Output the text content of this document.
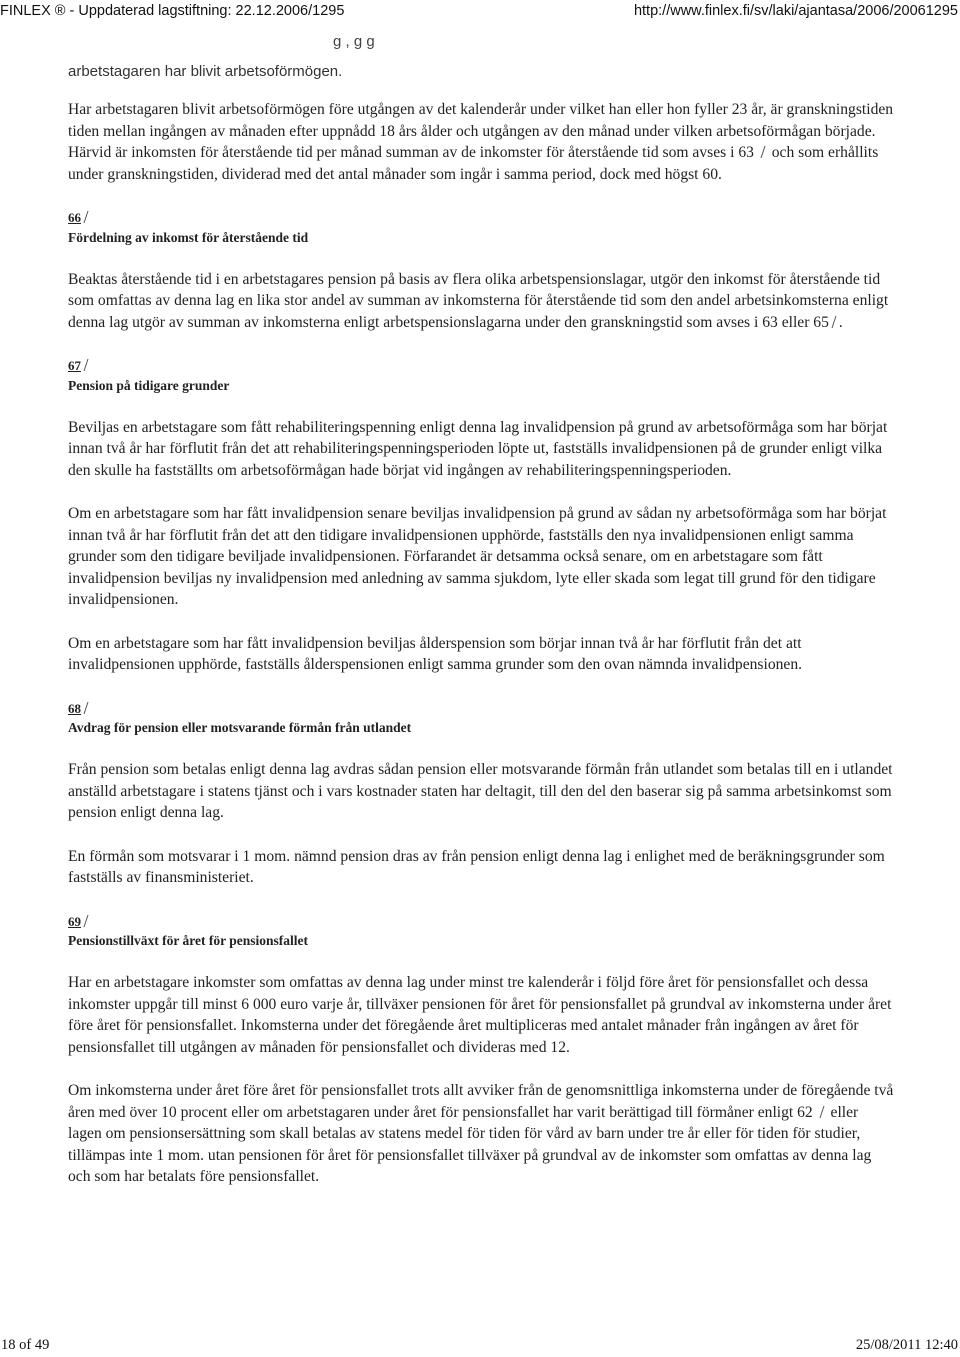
FINLEX ® - Uppdaterad lagstiftning: 22.12.2006/1295	http://www.finlex.fi/sv/laki/ajantasa/2006/20061295
g , g g
arbetstagaren har blivit arbetsoförmögen.

Har arbetstagaren blivit arbetsoförmögen före utgången av det kalenderår under vilket han eller hon fyller 23 år, är granskningstiden tiden mellan ingången av månaden efter uppnådd 18 års ålder och utgången av den månad under vilken arbetsoförmågan började. Härvid är inkomsten för återstående tid per månad summan av de inkomster för återstående tid som avses i 63 och som erhållits under granskningstiden, dividerad med det antal månader som ingår i samma period, dock med högst 60.

66
Fördelning av inkomst för återstående tid

Beaktas återstående tid i en arbetstagares pension på basis av flera olika arbetspensionslagar, utgör den inkomst för återstående tid som omfattas av denna lag en lika stor andel av summan av inkomsterna för återstående tid som den andel arbetsinkomsterna enligt denna lag utgör av summan av inkomsterna enligt arbetspensionslagarna under den granskningstid som avses i 63 eller 65 .

67
Pension på tidigare grunder

Beviljas en arbetstagare som fått rehabiliteringspenning enligt denna lag invalidpension på grund av arbetsoförmåga som har börjat innan två år har förflutit från det att rehabiliteringspenningsperioden löpte ut, fastställs invalidpensionen på de grunder enligt vilka den skulle ha fastställts om arbetsoförmågan hade börjat vid ingången av rehabiliteringspenningsperioden.

Om en arbetstagare som har fått invalidpension senare beviljas invalidpension på grund av sådan ny arbetsoförmåga som har börjat innan två år har förflutit från det att den tidigare invalidpensionen upphörde, fastställs den nya invalidpensionen enligt samma grunder som den tidigare beviljade invalidpensionen. Förfarandet är detsamma också senare, om en arbetstagare som fått invalidpension beviljas ny invalidpension med anledning av samma sjukdom, lyte eller skada som legat till grund för den tidigare invalidpensionen.

Om en arbetstagare som har fått invalidpension beviljas ålderspension som börjar innan två år har förflutit från det att invalidpensionen upphörde, fastställs ålderspensionen enligt samma grunder som den ovan nämnda invalidpensionen.

68
Avdrag för pension eller motsvarande förmån från utlandet

Från pension som betalas enligt denna lag avdras sådan pension eller motsvarande förmån från utlandet som betalas till en i utlandet anställd arbetstagare i statens tjänst och i vars kostnader staten har deltagit, till den del den baserar sig på samma arbetsinkomst som pension enligt denna lag.

En förmån som motsvarar i 1 mom. nämnd pension dras av från pension enligt denna lag i enlighet med de beräkningsgrunder som fastställs av finansministeriet.

69
Pensionstillväxt för året för pensionsfallet

Har en arbetstagare inkomster som omfattas av denna lag under minst tre kalenderår i följd före året för pensionsfallet och dessa inkomster uppgår till minst 6 000 euro varje år, tillväxer pensionen för året för pensionsfallet på grundval av inkomsterna under året före året för pensionsfallet. Inkomsterna under det föregående året multipliceras med antalet månader från ingången av året för pensionsfallet till utgången av månaden för pensionsfallet och divideras med 12.

Om inkomsterna under året före året för pensionsfallet trots allt avviker från de genomsnittliga inkomsterna under de föregående två åren med över 10 procent eller om arbetstagaren under året för pensionsfallet har varit berättigad till förmåner enligt 62 eller lagen om pensionsersättning som skall betalas av statens medel för tiden för vård av barn under tre år eller för tiden för studier, tillämpas inte 1 mom. utan pensionen för året för pensionsfallet tillväxer på grundval av de inkomster som omfattas av denna lag och som har betalats före pensionsfallet.

18 of 49	25/08/2011 12:40
